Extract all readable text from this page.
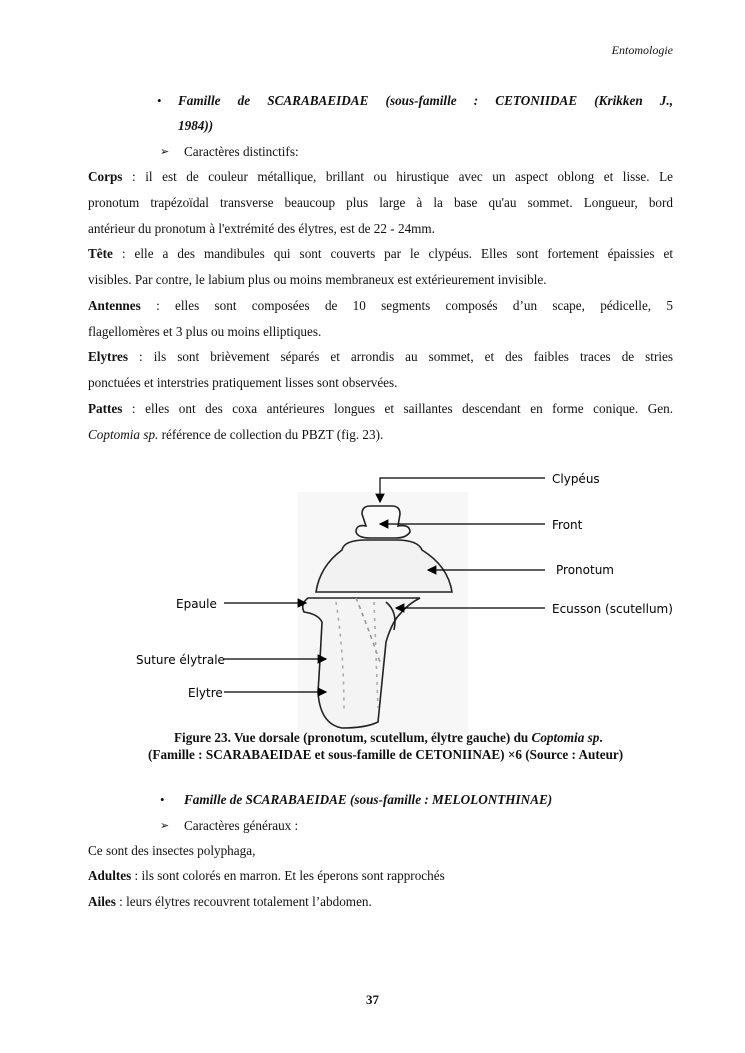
Entomologie
• Famille de SCARABAEIDAE (sous-famille : CETONIIDAE (Krikken J.,
1984))
➢ Caractères distinctifs:
Corps : il est de couleur métallique, brillant ou hirustique avec un aspect oblong et lisse. Le
pronotum trapézoïdal transverse beaucoup plus large à la base qu'au sommet. Longueur, bord
antérieur du pronotum à l'extrémité des élytres, est de 22 - 24mm.
Tête : elle a des mandibules qui sont couverts par le clypéus. Elles sont fortement épaissies et
visibles. Par contre, le labium plus ou moins membraneux est extérieurement invisible.
Antennes : elles sont composées de 10 segments composés d’un scape, pédicelle, 5
flagellomères et 3 plus ou moins elliptiques.
Elytres : ils sont brièvement séparés et arrondis au sommet, et des faibles traces de stries
ponctuées et interstries pratiquement lisses sont observées.
Pattes : elles ont des coxa antérieures longues et saillantes descendant en forme conique. Gen.
Coptomia sp. référence de collection du PBZT (fig. 23).
Clypéus
Front
Pronotum
Ecusson (scutellum)
Epaule
Suture élytrale
Elytre
Figure 23. Vue dorsale (pronotum, scutellum, élytre gauche) du Coptomia sp.
(Famille : SCARABAEIDAE et sous-famille de CETONIINAE) ×6 (Source : Auteur)
• Famille de SCARABAEIDAE (sous-famille : MELOLONTHINAE)
➢ Caractères généraux :
Ce sont des insectes polyphaga,
Adultes : ils sont colorés en marron. Et les éperons sont rapprochés
Ailes : leurs élytres recouvrent totalement l’abdomen.
37
